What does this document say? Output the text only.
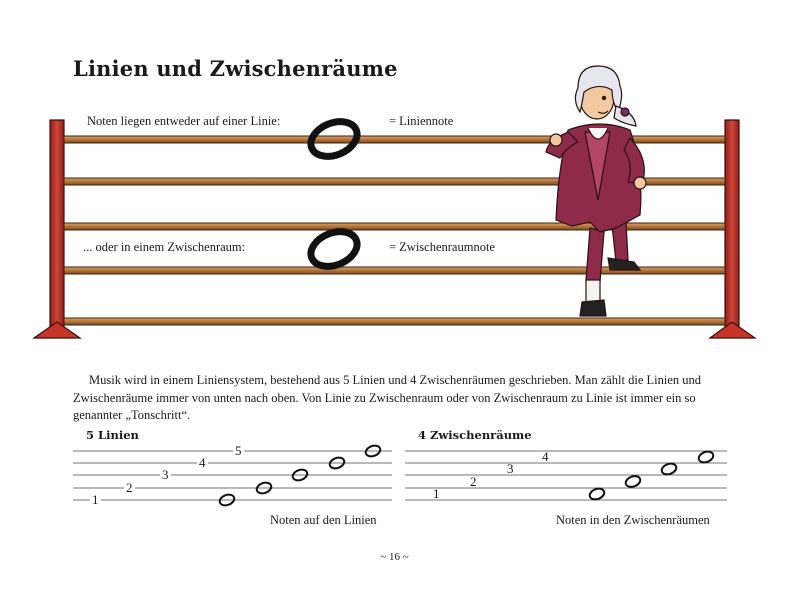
Linien und Zwischenräume
Noten liegen entweder auf einer Linie:	= Liniennote
... oder in einem Zwischenraum:	= Zwischenraumnote
Musik wird in einem Liniensystem, bestehend aus 5 Linien und 4 Zwischenräumen geschrieben. Man zählt die Linien und Zwischenräume immer von unten nach oben. Von Linie zu Zwischenraum oder von Zwischenraum zu Linie ist immer ein so genannter „Tonschritt“.
5 Linien
1
2
3
4
5
Noten auf den Linien
4 Zwischenräume
1
2
3
4
Noten in den Zwischenräumen
~ 16 ~
